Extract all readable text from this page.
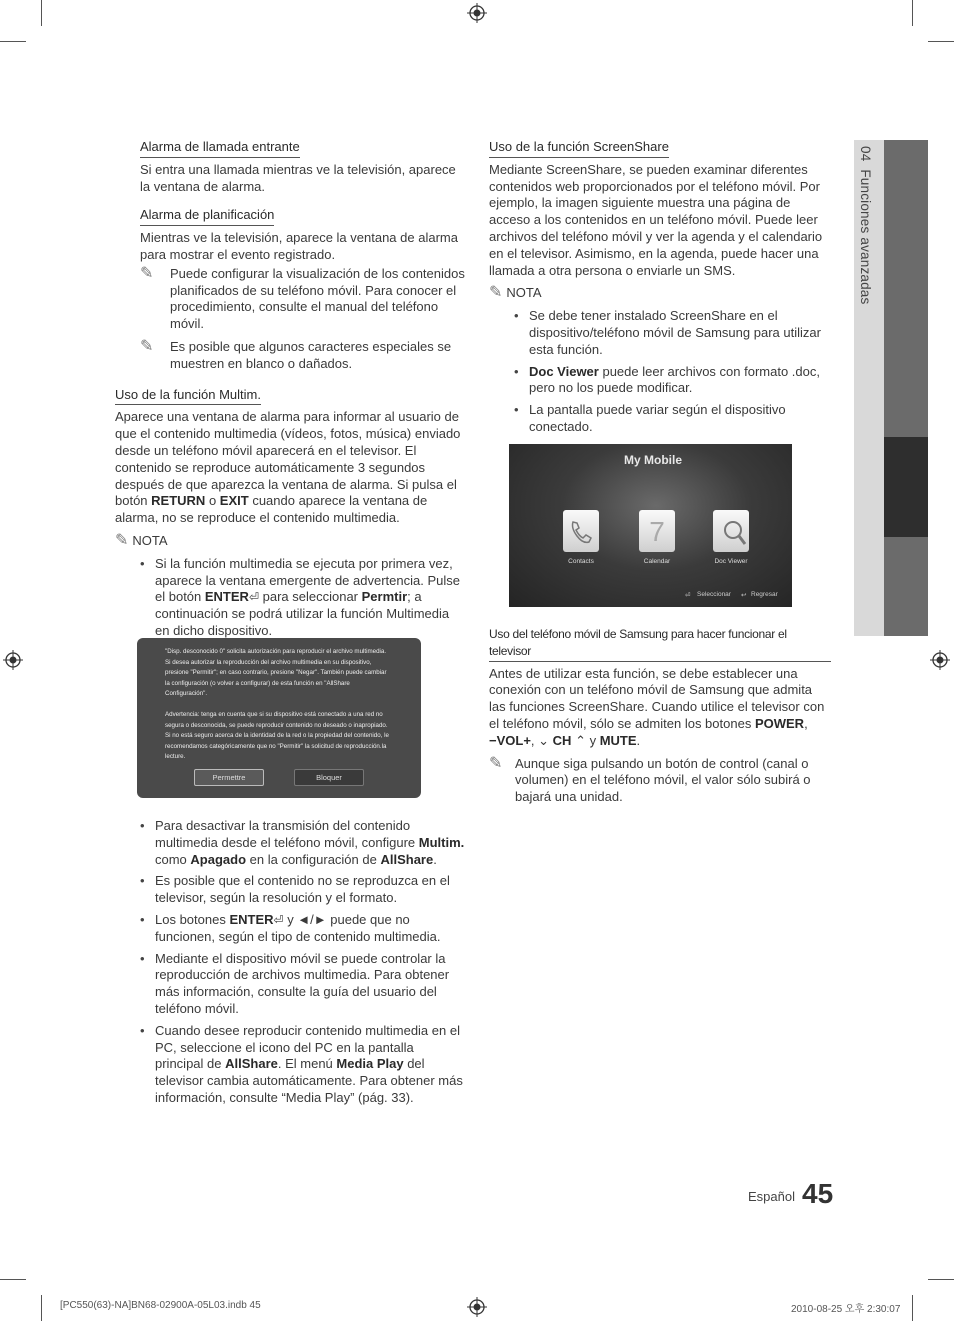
Alarma de llamada entrante
Si entra una llamada mientras ve la televisión, aparece la ventana de alarma.
Alarma de planificación
Mientras ve la televisión, aparece la ventana de alarma para mostrar el evento registrado.
✎	Puede configurar la visualización de los contenidos planificados de su teléfono móvil. Para conocer el procedimiento, consulte el manual del teléfono móvil.
✎	Es posible que algunos caracteres especiales se muestren en blanco o dañados.
Uso de la función Multim.
Aparece una ventana de alarma para informar al usuario de que el contenido multimedia (vídeos, fotos, música) enviado desde un teléfono móvil aparecerá en el televisor. El contenido se reproduce automáticamente 3 segundos después de que aparezca la ventana de alarma. Si pulsa el botón RETURN o EXIT cuando aparece la ventana de alarma, no se reproduce el contenido multimedia.
✎ NOTA
• Si la función multimedia se ejecuta por primera vez, aparece la ventana emergente de advertencia. Pulse el botón ENTER⏎ para seleccionar Permtir; a continuación se podrá utilizar la función Multimedia en dicho dispositivo.

"Disp. desconocido 0" solicita autorización para reproducir el archivo multimedia. Si desea autorizar la reproducción del archivo multimedia en su dispositivo, presione "Permitir"; en caso contrario, presione "Negar". También puede cambiar la configuración (o volver a configurar) de esta función en "AllShare Configuración".

Advertencia: tenga en cuenta que si su dispositivo está conectado a una red no segura o desconocida, se puede reproducir contenido no deseado o inapropiado. Si no está seguro acerca de la identidad de la red o la propiedad del contenido, le recomendamos categóricamente que no "Permitir" la solicitud de reproducción.la lecture.

Permettre	Bloquer
• Para desactivar la transmisión del contenido multimedia desde el teléfono móvil, configure Multim. como Apagado en la configuración de AllShare.
• Es posible que el contenido no se reproduzca en el televisor, según la resolución y el formato.
• Los botones ENTER⏎ y ◄/► puede que no funcionen, según el tipo de contenido multimedia.
• Mediante el dispositivo móvil se puede controlar la reproducción de archivos multimedia. Para obtener más información, consulte la guía del usuario del teléfono móvil.
• Cuando desee reproducir contenido multimedia en el PC, seleccione el icono del PC en la pantalla principal de AllShare. El menú Media Play del televisor cambia automáticamente. Para obtener más información, consulte “Media Play” (pág. 33).
Uso de la función ScreenShare
Mediante ScreenShare, se pueden examinar diferentes contenidos web proporcionados por el teléfono móvil. Por ejemplo, la imagen siguiente muestra una página de acceso a los contenidos en un teléfono móvil. Puede leer archivos del teléfono móvil y ver la agenda y el calendario en el televisor. Asimismo, en la agenda, puede hacer una llamada a otra persona o enviarle un SMS.
✎ NOTA
• Se debe tener instalado ScreenShare en el dispositivo/teléfono móvil de Samsung para utilizar esta función.
• Doc Viewer puede leer archivos con formato .doc, pero no los puede modificar.
• La pantalla puede variar según el dispositivo conectado.
My Mobile
7
Contacts	Calendar	Doc Viewer
⏎ Seleccionar ↩ Regresar
Uso del teléfono móvil de Samsung para hacer funcionar el televisor
Antes de utilizar esta función, se debe establecer una conexión con un teléfono móvil de Samsung que admita las funciones ScreenShare. Cuando utilice el televisor con el teléfono móvil, sólo se admiten los botones POWER,
−VOL+, ⌄ CH ⌃ y MUTE.
✎ Aunque siga pulsando un botón de control (canal o volumen) en el teléfono móvil, el valor sólo subirá o bajará una unidad.
04  Funciones avanzadas
Español 45
[PC550(63)-NA]BN68-02900A-05L03.indb 45	2010-08-25 오후 2:30:07
